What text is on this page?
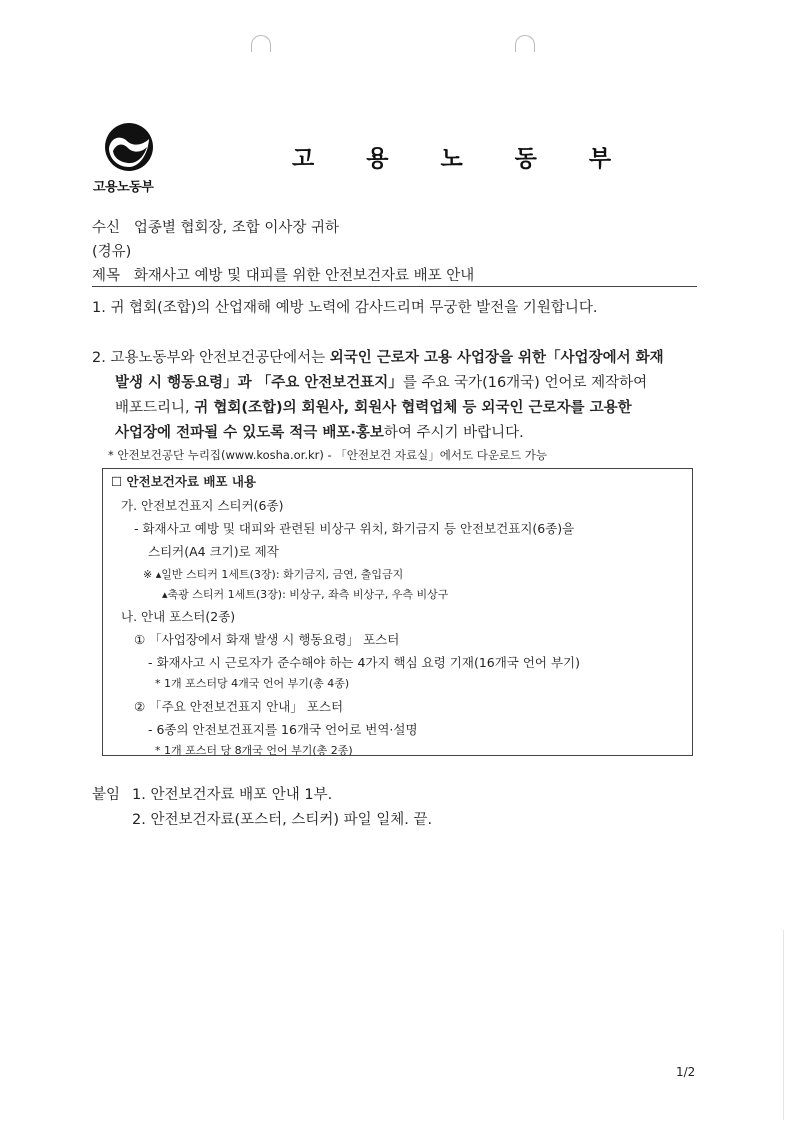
고용노동부
고 용 노 동 부
수신 업종별 협회장, 조합 이사장 귀하
(경유)
제목 화재사고 예방 및 대피를 위한 안전보건자료 배포 안내
1. 귀 협회(조합)의 산업재해 예방 노력에 감사드리며 무궁한 발전을 기원합니다.
2. 고용노동부와 안전보건공단에서는 외국인 근로자 고용 사업장을 위한「사업장에서 화재
발생 시 행동요령」과 「주요 안전보건표지」를 주요 국가(16개국) 언어로 제작하여
배포드리니, 귀 협회(조합)의 회원사, 회원사 협력업체 등 외국인 근로자를 고용한
사업장에 전파될 수 있도록 적극 배포·홍보하여 주시기 바랍니다.
* 안전보건공단 누리집(www.kosha.or.kr) - 「안전보건 자료실」에서도 다운로드 가능
☐ 안전보건자료 배포 내용
가. 안전보건표지 스티커(6종)
- 화재사고 예방 및 대피와 관련된 비상구 위치, 화기금지 등 안전보건표지(6종)을
스티커(A4 크기)로 제작
※ ▴일반 스티커 1세트(3장): 화기금지, 금연, 출입금지
▴축광 스티커 1세트(3장): 비상구, 좌측 비상구, 우측 비상구
나. 안내 포스터(2종)
① 「사업장에서 화재 발생 시 행동요령」 포스터
- 화재사고 시 근로자가 준수해야 하는 4가지 핵심 요령 기재(16개국 언어 부기)
* 1개 포스터당 4개국 언어 부기(총 4종)
② 「주요 안전보건표지 안내」 포스터
- 6종의 안전보건표지를 16개국 언어로 번역·설명
* 1개 포스터 당 8개국 언어 부기(총 2종)
붙임 1. 안전보건자료 배포 안내 1부.
2. 안전보건자료(포스터, 스티커) 파일 일체. 끝.
1/2
